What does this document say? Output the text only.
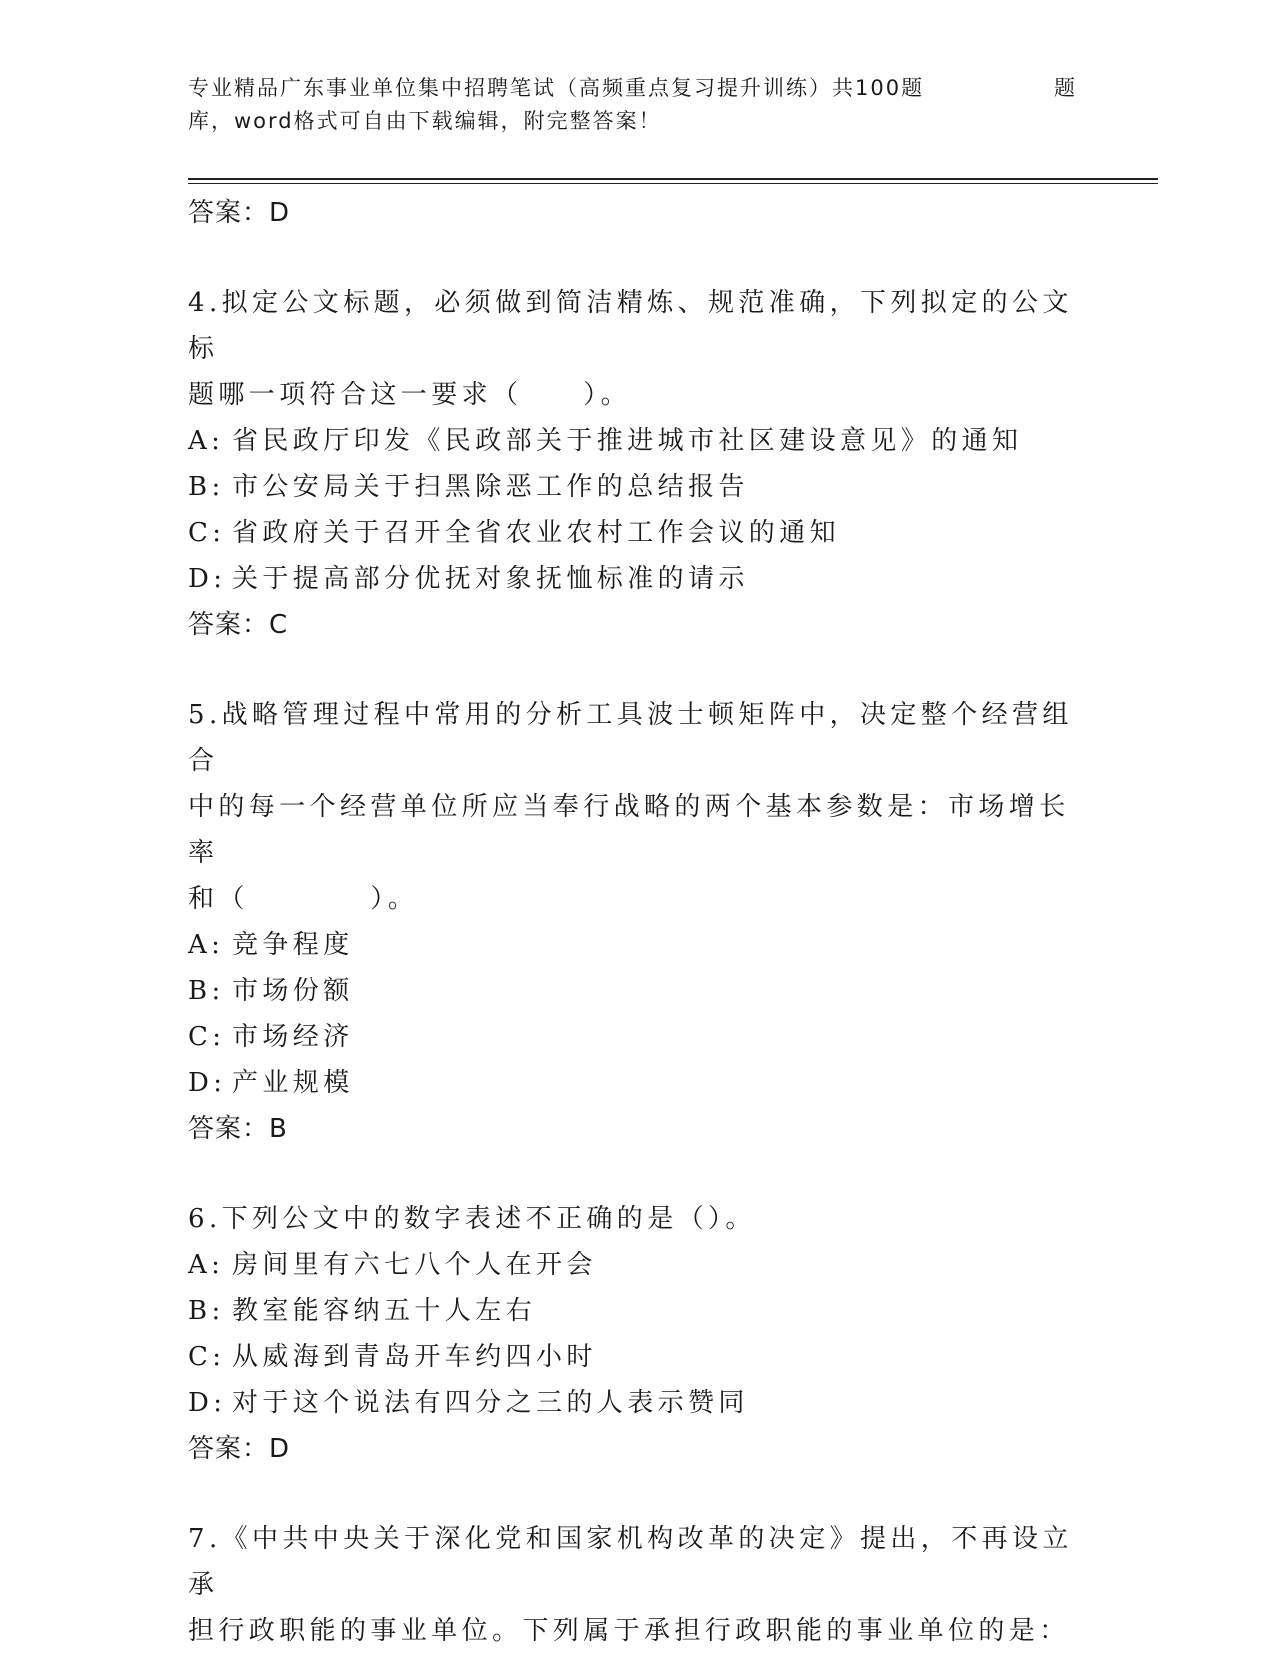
专业精品广东事业单位集中招聘笔试（高频重点复习提升训练）共100题	题
库，word格式可自由下载编辑，附完整答案！
答案：D
4.拟定公文标题，必须做到简洁精炼、规范准确，下列拟定的公文标
题哪一项符合这一要求（　　）。
A: 省民政厅印发《民政部关于推进城市社区建设意见》的通知
B: 市公安局关于扫黑除恶工作的总结报告
C: 省政府关于召开全省农业农村工作会议的通知
D: 关于提高部分优抚对象抚恤标准的请示
答案：C
5.战略管理过程中常用的分析工具波士顿矩阵中，决定整个经营组合
中的每一个经营单位所应当奉行战略的两个基本参数是：市场增长率
和（　　　　）。
A: 竞争程度
B: 市场份额
C: 市场经济
D: 产业规模
答案：B
6.下列公文中的数字表述不正确的是（）。
A: 房间里有六七八个人在开会
B: 教室能容纳五十人左右
C: 从威海到青岛开车约四小时
D: 对于这个说法有四分之三的人表示赞同
答案：D
7.《中共中央关于深化党和国家机构改革的决定》提出，不再设立承
担行政职能的事业单位。下列属于承担行政职能的事业单位的是：
